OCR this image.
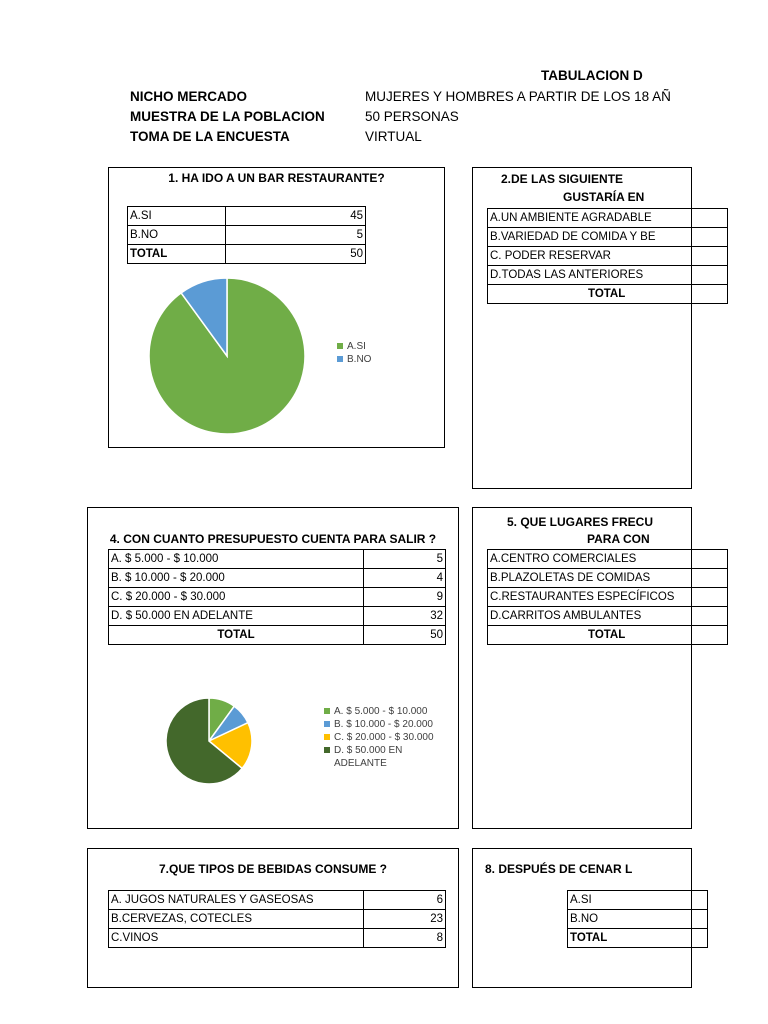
TABULACION D
NICHO MERCADO	MUJERES Y HOMBRES A PARTIR DE LOS 18 AÑ
MUESTRA DE LA POBLACION	50 PERSONAS
TOMA DE LA ENCUESTA	VIRTUAL
1. HA IDO A UN BAR RESTAURANTE?
A.SI	45
B.NO	5
TOTAL	50
A.SI
B.NO
2.DE LAS SIGUIENTE
GUSTARÍA EN
A.UN AMBIENTE AGRADABLE
B.VARIEDAD DE COMIDA Y BE
C. PODER RESERVAR
D.TODAS LAS ANTERIORES
TOTAL
4. CON CUANTO PRESUPUESTO CUENTA PARA SALIR ?
A. $ 5.000 - $ 10.000	5
B. $ 10.000 - $ 20.000	4
C. $ 20.000 - $ 30.000	9
D. $ 50.000 EN ADELANTE	32
TOTAL	50
A. $ 5.000 - $ 10.000
B. $ 10.000 - $ 20.000
C. $ 20.000 - $ 30.000
D. $ 50.000 EN ADELANTE
5. QUE LUGARES FRECU
PARA CON
A.CENTRO COMERCIALES
B.PLAZOLETAS DE COMIDAS
C.RESTAURANTES ESPECÍFICOS
D.CARRITOS AMBULANTES
TOTAL
7.QUE TIPOS DE BEBIDAS CONSUME ?
A. JUGOS NATURALES Y GASEOSAS	6
B.CERVEZAS, COTECLES	23
C.VINOS	8
8. DESPUÉS DE CENAR L
A.SI
B.NO
TOTAL
